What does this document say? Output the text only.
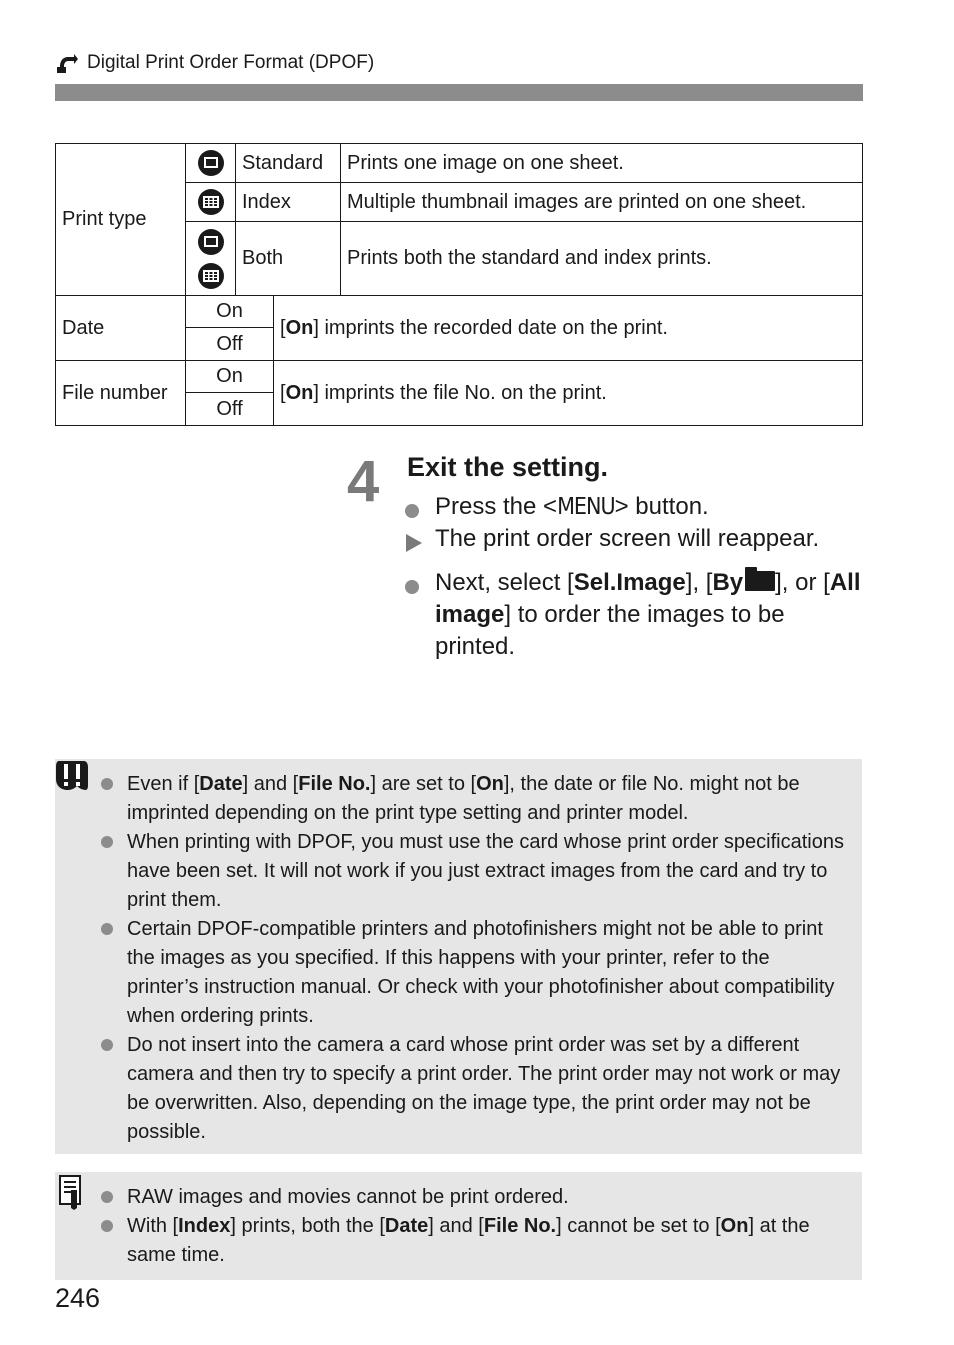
Digital Print Order Format (DPOF)
Print type		Standard		Prints one image on one sheet.

	Index		Multiple thumbnail images are printed on one sheet.

	Both		Prints both the standard and index prints.
Date	On		[On] imprints the recorded date on the print.	
	Off			
File number	On		[On] imprints the file No. on the print.	
	Off			
4 Exit the setting.
Press the <MENU> button.
The print order screen will reappear.
Next, select [Sel.Image], [By ], or [All image] to order the images to be printed.
Even if [Date] and [File No.] are set to [On], the date or file No. might not be imprinted depending on the print type setting and printer model.
When printing with DPOF, you must use the card whose print order specifications have been set. It will not work if you just extract images from the card and try to print them.
Certain DPOF-compatible printers and photofinishers might not be able to print the images as you specified. If this happens with your printer, refer to the printer’s instruction manual. Or check with your photofinisher about compatibility when ordering prints.
Do not insert into the camera a card whose print order was set by a different camera and then try to specify a print order. The print order may not work or may be overwritten. Also, depending on the image type, the print order may not be possible.
RAW images and movies cannot be print ordered.
With [Index] prints, both the [Date] and [File No.] cannot be set to [On] at the same time.
246
